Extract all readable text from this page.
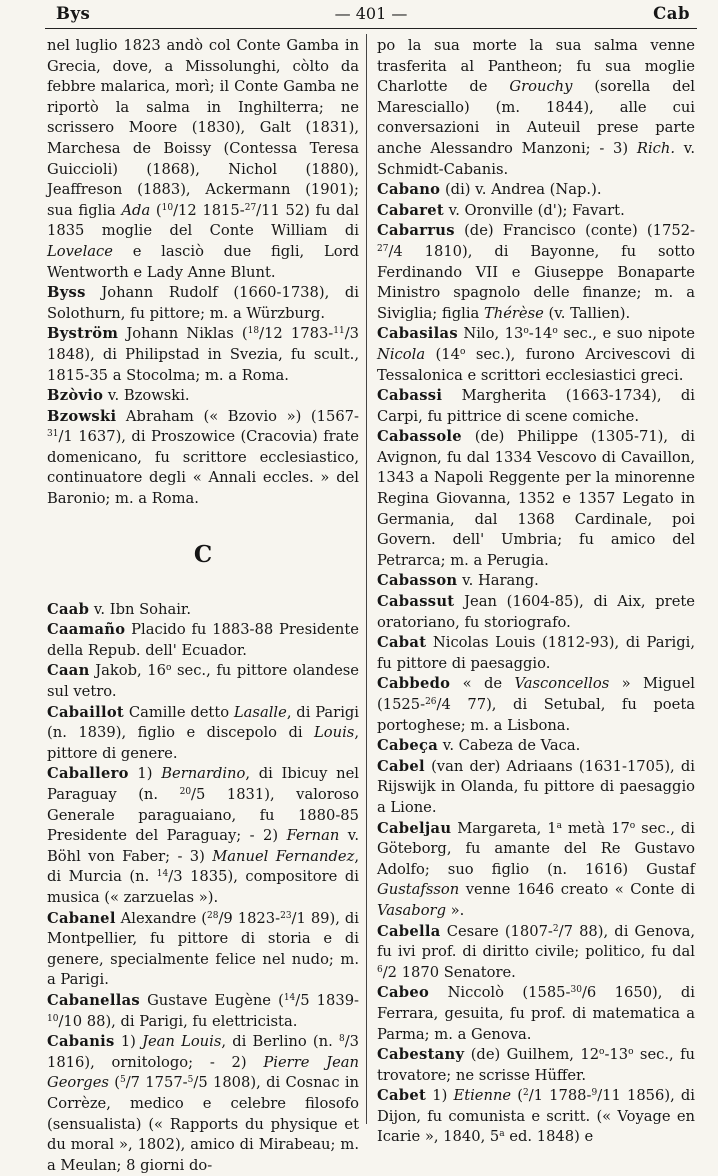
Bys	— 401 —	Cab

nel luglio 1823 andò col Conte Gamba in Grecia, dove, a Missolunghi, còlto da febbre malarica, morì; il Conte Gamba ne riportò la salma in Inghilterra; ne scrissero Moore (1830), Galt (1831), Marchesa de Boissy (Contessa Teresa Guiccioli) (1868), Nichol (1880), Jeaffreson (1883), Ackermann (1901); sua figlia Ada ($^{10}$/12 1815-$^{27}$/11 52) fu dal 1835 moglie del Conte William di Lovelace e lasciò due figli, Lord Wentworth e Lady Anne Blunt.

Byss Johann Rudolf (1660-1738), di Solothurn, fu pittore; m. a Würzburg.

Byström Johann Niklas ($^{18}$/12 1783-$^{11}$/3 1848), di Philipstad in Svezia, fu scult., 1815-35 a Stocolma; m. a Roma.

Bzòvio v. Bzowski.

Bzowski Abraham (« Bzovio ») (1567-$^{31}$/1 1637), di Proszowice (Cracovia) frate domenicano, fu scrittore ecclesiastico, continuatore degli « Annali eccles. » del Baronio; m. a Roma.

C

Caab v. Ibn Sohair.

Caamaño Placido fu 1883-88 Presidente della Repub. dell' Ecuador.

Caan Jakob, 16$^o$ sec., fu pittore olandese sul vetro.

Cabaillot Camille detto Lasalle, di Parigi (n. 1839), figlio e discepolo di Louis, pittore di genere.

Caballero 1) Bernardino, di Ibicuy nel Paraguay (n. $^{20}$/5 1831), valoroso Generale paraguaiano, fu 1880-85 Presidente del Paraguay; - 2) Fernan v. Böhl von Faber; - 3) Manuel Fernandez, di Murcia (n. $^{14}$/3 1835), compositore di musica (« zarzuelas »).

Cabanel Alexandre ($^{28}$/9 1823-$^{23}$/1 89), di Montpellier, fu pittore di storia e di genere, specialmente felice nel nudo; m. a Parigi.

Cabanellas Gustave Eugène ($^{14}$/5 1839-$^{10}$/10 88), di Parigi, fu elettricista.

Cabanis 1) Jean Louis, di Berlino (n. $^8$/3 1816), ornitologo; - 2) Pierre Jean Georges ($^5$/7 1757-$^5$/5 1808), di Cosnac in Corrèze, medico e celebre filosofo (sensualista) (« Rapports du physique et du moral », 1802), amico di Mirabeau; m. a Meulan; 8 giorni do-

po la sua morte la sua salma venne trasferita al Pantheon; fu sua moglie Charlotte de Grouchy (sorella del Maresciallo) (m. 1844), alle cui conversazioni in Auteuil prese parte anche Alessandro Manzoni; - 3) Rich. v. Schmidt-Cabanis.

Cabano (di) v. Andrea (Nap.).

Cabaret v. Oronville (d'); Favart.

Cabarrus (de) Francisco (conte) (1752-$^{27}$/4 1810), di Bayonne, fu sotto Ferdinando VII e Giuseppe Bonaparte Ministro spagnolo delle finanze; m. a Siviglia; figlia Thérèse (v. Tallien).

Cabasilas Nilo, 13$^o$-14$^o$ sec., e suo nipote Nicola (14$^o$ sec.), furono Arcivescovi di Tessalonica e scrittori ecclesiastici greci.

Cabassi Margherita (1663-1734), di Carpi, fu pittrice di scene comiche.

Cabassole (de) Philippe (1305-71), di Avignon, fu dal 1334 Vescovo di Cavaillon, 1343 a Napoli Reggente per la minorenne Regina Giovanna, 1352 e 1357 Legato in Germania, dal 1368 Cardinale, poi Govern. dell' Umbria; fu amico del Petrarca; m. a Perugia.

Cabasson v. Harang.

Cabassut Jean (1604-85), di Aix, prete oratoriano, fu storiografo.

Cabat Nicolas Louis (1812-93), di Parigi, fu pittore di paesaggio.

Cabbedo « de Vasconcellos » Miguel (1525-$^{26}$/4 77), di Setubal, fu poeta portoghese; m. a Lisbona.

Cabeça v. Cabeza de Vaca.

Cabel (van der) Adriaans (1631-1705), di Rijswijk in Olanda, fu pittore di paesaggio a Lione.

Cabeljau Margareta, 1$^a$ metà 17$^o$ sec., di Göteborg, fu amante del Re Gustavo Adolfo; suo figlio (n. 1616) Gustaf Gustafsson venne 1646 creato « Conte di Vasaborg ».

Cabella Cesare (1807-$^2$/7 88), di Genova, fu ivi prof. di diritto civile; politico, fu dal $^6$/2 1870 Senatore.

Cabeo Niccolò (1585-$^{30}$/6 1650), di Ferrara, gesuita, fu prof. di matematica a Parma; m. a Genova.

Cabestany (de) Guilhem, 12$^o$-13$^o$ sec., fu trovatore; ne scrisse Hüffer.

Cabet 1) Etienne ($^2$/1 1788-$^9$/11 1856), di Dijon, fu comunista e scritt. (« Voyage en Icarie », 1840, 5$^a$ ed. 1848) e
